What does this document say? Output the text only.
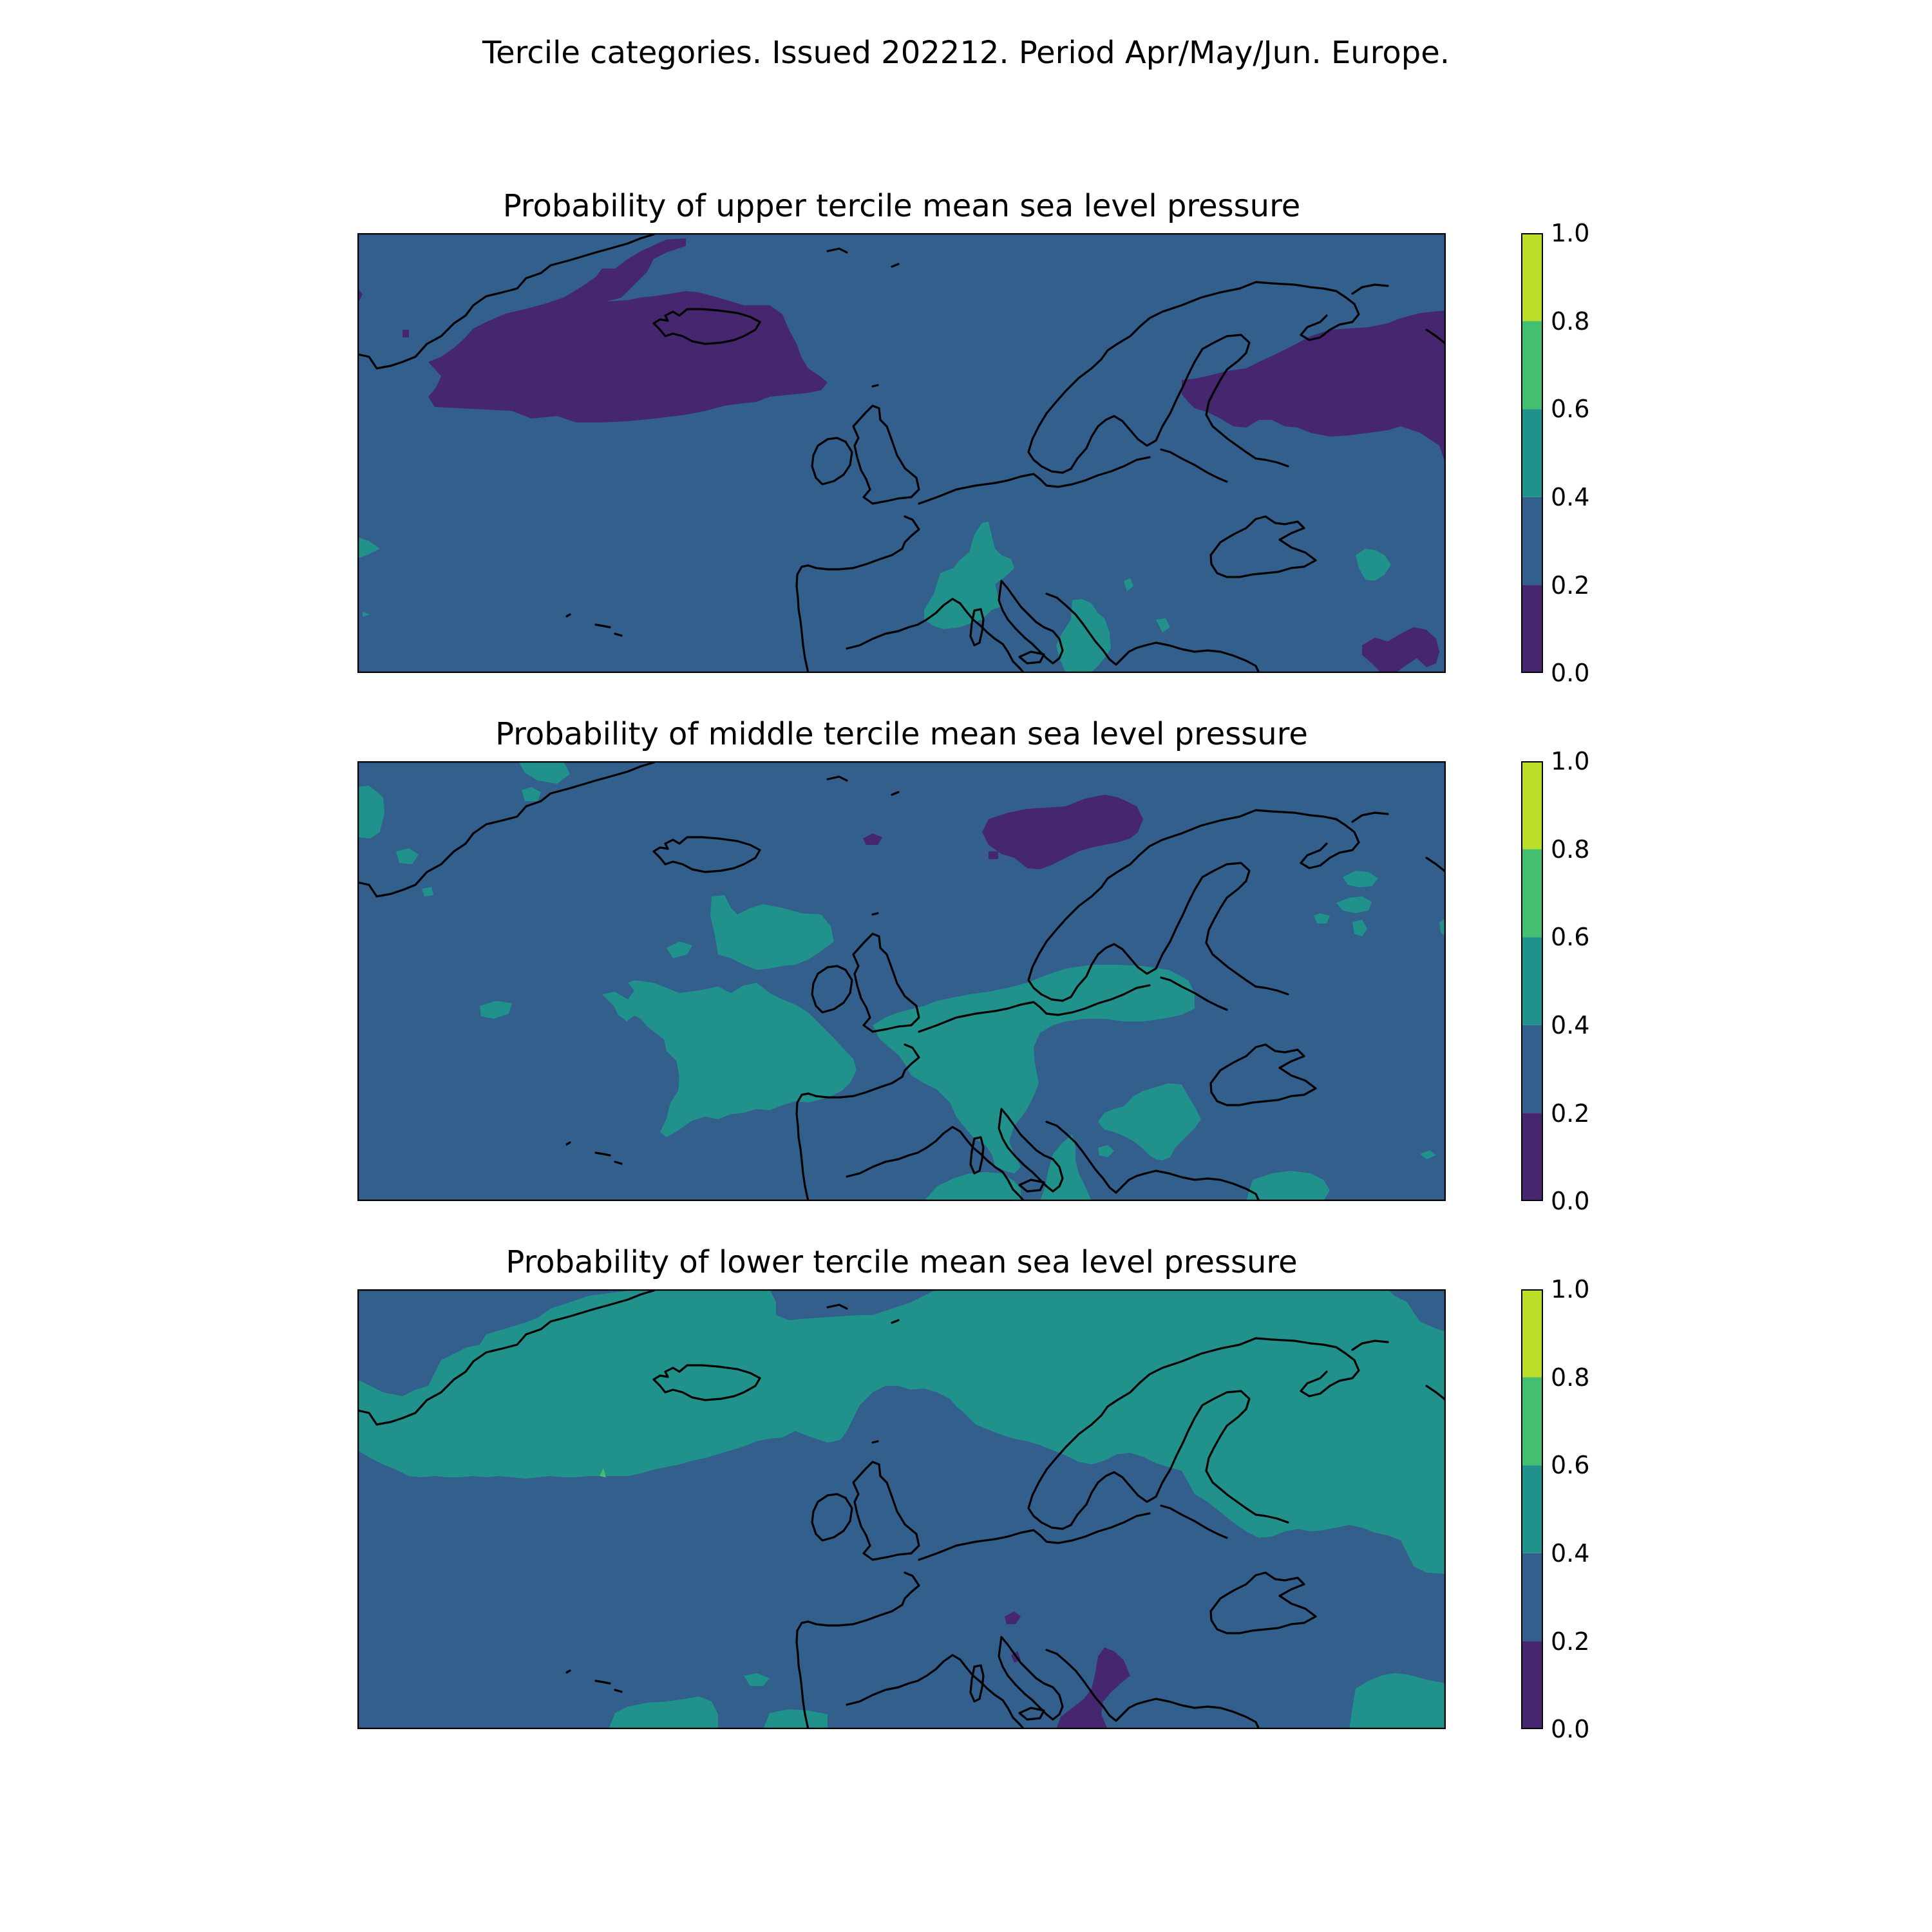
Tercile categories. Issued 202212. Period Apr/May/Jun. Europe.
Probability of upper tercile mean sea level pressure
1.0
0.8
0.6
0.4
0.2
0.0
Probability of middle tercile mean sea level pressure
1.0
0.8
0.6
0.4
0.2
0.0
Probability of lower tercile mean sea level pressure
1.0
0.8
0.6
0.4
0.2
0.0
